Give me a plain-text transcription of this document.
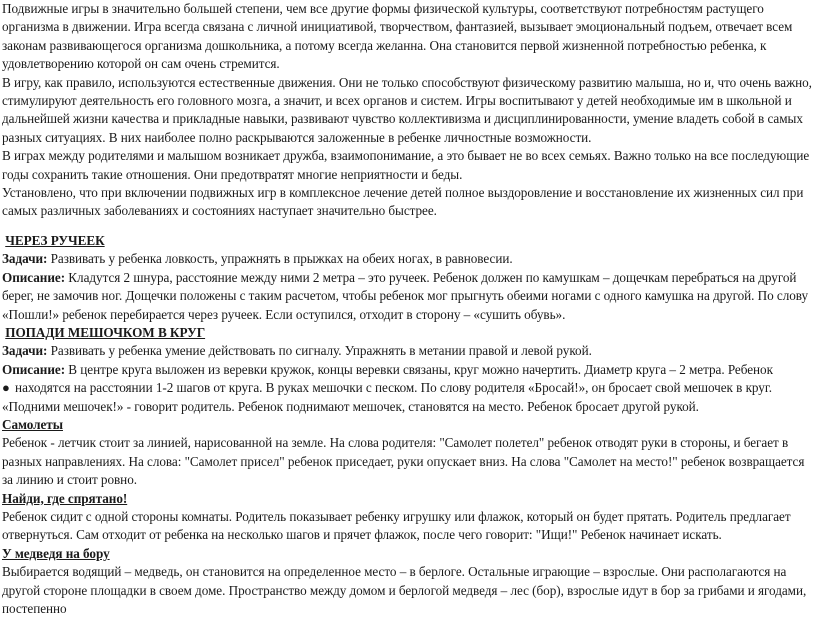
Подвижные игры в значительно большей степени, чем все другие формы физической культуры, соответствуют потребностям растущего организма в движении. Игра всегда связана с личной инициативой, творчеством, фантазией, вызывает эмоциональный подъем, отвечает всем законам развивающегося организма дошкольника, а потому всегда желанна. Она становится первой жизненной потребностью ребенка, к удовлетворению которой он сам очень стремится.

В игру, как правило, используются естественные движения. Они не только способствуют физическому развитию малыша, но и, что очень важно, стимулируют деятельность его головного мозга, а значит, и всех органов и систем. Игры воспитывают у детей необходимые им в школьной и дальнейшей жизни качества и прикладные навыки, развивают чувство коллективизма и дисциплинированности, умение владеть собой в самых разных ситуациях. В них наиболее полно раскрываются заложенные в ребенке личностные возможности.

В играх между родителями и малышом возникает дружба, взаимопонимание, а это бывает не во всех семьях. Важно только на все последующие годы сохранить такие отношения. Они предотвратят многие неприятности и беды.

Установлено, что при включении подвижных игр в комплексное лечение детей полное выздоровление и восстановление их жизненных сил при самых различных заболеваниях и состояниях наступает значительно быстрее.

ЧЕРЕЗ РУЧЕЕК

Задачи: Развивать у ребенка ловкость, упражнять в прыжках на обеих ногах, в равновесии.

Описание: Кладутся 2 шнура, расстояние между ними 2 метра – это ручеек. Ребенок должен по камушкам – дощечкам перебраться на другой берег, не замочив ног. Дощечки положены с таким расчетом, чтобы ребенок мог прыгнуть обеими ногами с одного камушка на другой. По слову «Пошли!» ребенок перебирается через ручеек. Если оступился, отходит в сторону – «сушить обувь».

ПОПАДИ МЕШОЧКОМ В КРУГ

Задачи: Развивать у ребенка умение действовать по сигналу. Упражнять в метании правой и левой рукой.

Описание: В центре круга выложен из веревки кружок, концы веревки связаны, круг можно начертить. Диаметр круга – 2 метра. Ребенок
● находятся на расстоянии 1-2 шагов от круга. В руках мешочки с песком. По слову родителя «Бросай!», он бросает свой мешочек в круг. «Подними мешочек!» - говорит родитель. Ребенок поднимают мешочек, становятся на место. Ребенок бросает другой рукой.

Самолеты

Ребенок - летчик стоит за линией, нарисованной на земле. На слова родителя: "Самолет полетел" ребенок отводят руки в стороны, и бегает в разных направлениях. На слова: "Самолет присел" ребенок приседает, руки опускает вниз. На слова "Самолет на место!" ребенок возвращается за линию и стоит ровно.

Найди, где спрятано!

Ребенок сидит с одной стороны комнаты. Родитель показывает ребенку игрушку или флажок, который он будет прятать. Родитель предлагает отвернуться. Сам отходит от ребенка на несколько шагов и прячет флажок, после чего говорит: "Ищи!" Ребенок начинает искать.

У медведя на бору

Выбирается водящий – медведь, он становится на определенное место – в берлоге. Остальные играющие – взрослые. Они располагаются на другой стороне площадки в своем доме. Пространство между домом и берлогой медведя – лес (бор), взрослые идут в бор за грибами и ягодами, постепенно
